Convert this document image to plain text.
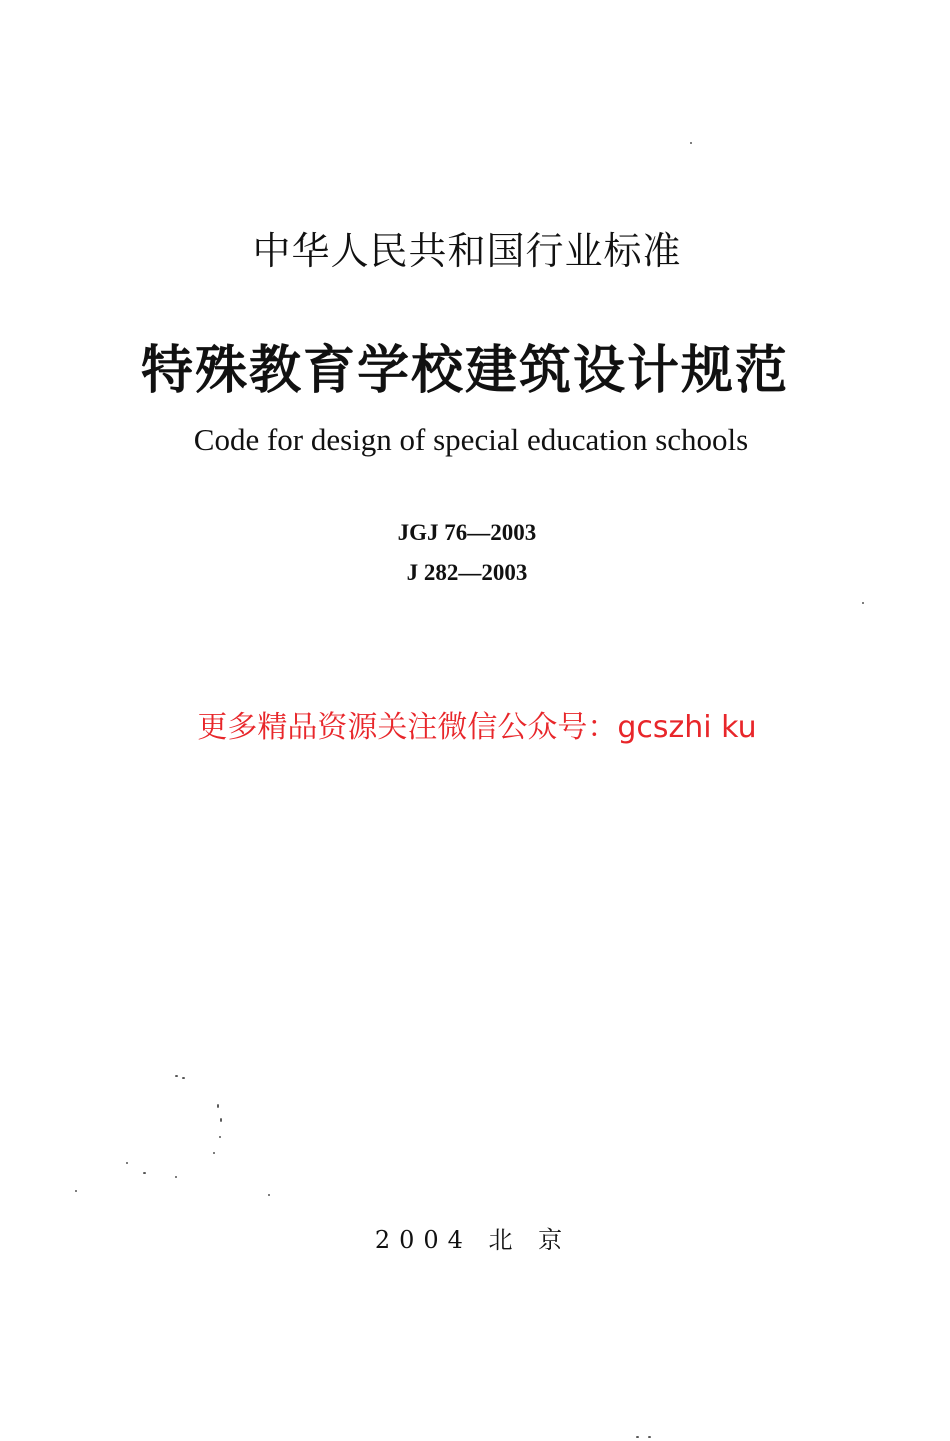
中华人民共和国行业标准
特殊教育学校建筑设计规范
Code for design of special education schools
JGJ 76—2003
J 282—2003
更多精品资源关注微信公众号：gcszhi ku
2004 北 京
